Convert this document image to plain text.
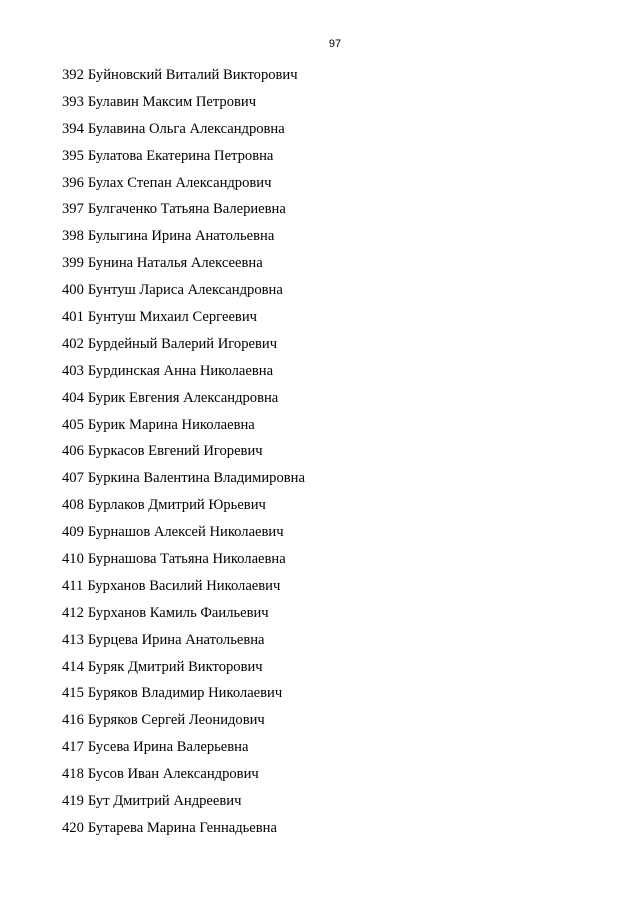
97
392 Буйновский Виталий Викторович
393 Булавин Максим Петрович
394 Булавина Ольга Александровна
395 Булатова Екатерина Петровна
396 Булах Степан Александрович
397 Булгаченко Татьяна Валериевна
398 Булыгина Ирина Анатольевна
399 Бунина Наталья Алексеевна
400 Бунтуш Лариса Александровна
401 Бунтуш Михаил Сергеевич
402 Бурдейный Валерий Игоревич
403 Бурдинская Анна Николаевна
404 Бурик Евгения Александровна
405 Бурик Марина Николаевна
406 Буркасов Евгений Игоревич
407 Буркина Валентина Владимировна
408 Бурлаков Дмитрий Юрьевич
409 Бурнашов Алексей Николаевич
410 Бурнашова Татьяна Николаевна
411 Бурханов Василий Николаевич
412 Бурханов Камиль Фаильевич
413 Бурцева Ирина Анатольевна
414 Буряк Дмитрий Викторович
415 Буряков Владимир Николаевич
416 Буряков Сергей Леонидович
417 Бусева Ирина Валерьевна
418 Бусов Иван Александрович
419 Бут Дмитрий Андреевич
420 Бутарева Марина Геннадьевна
